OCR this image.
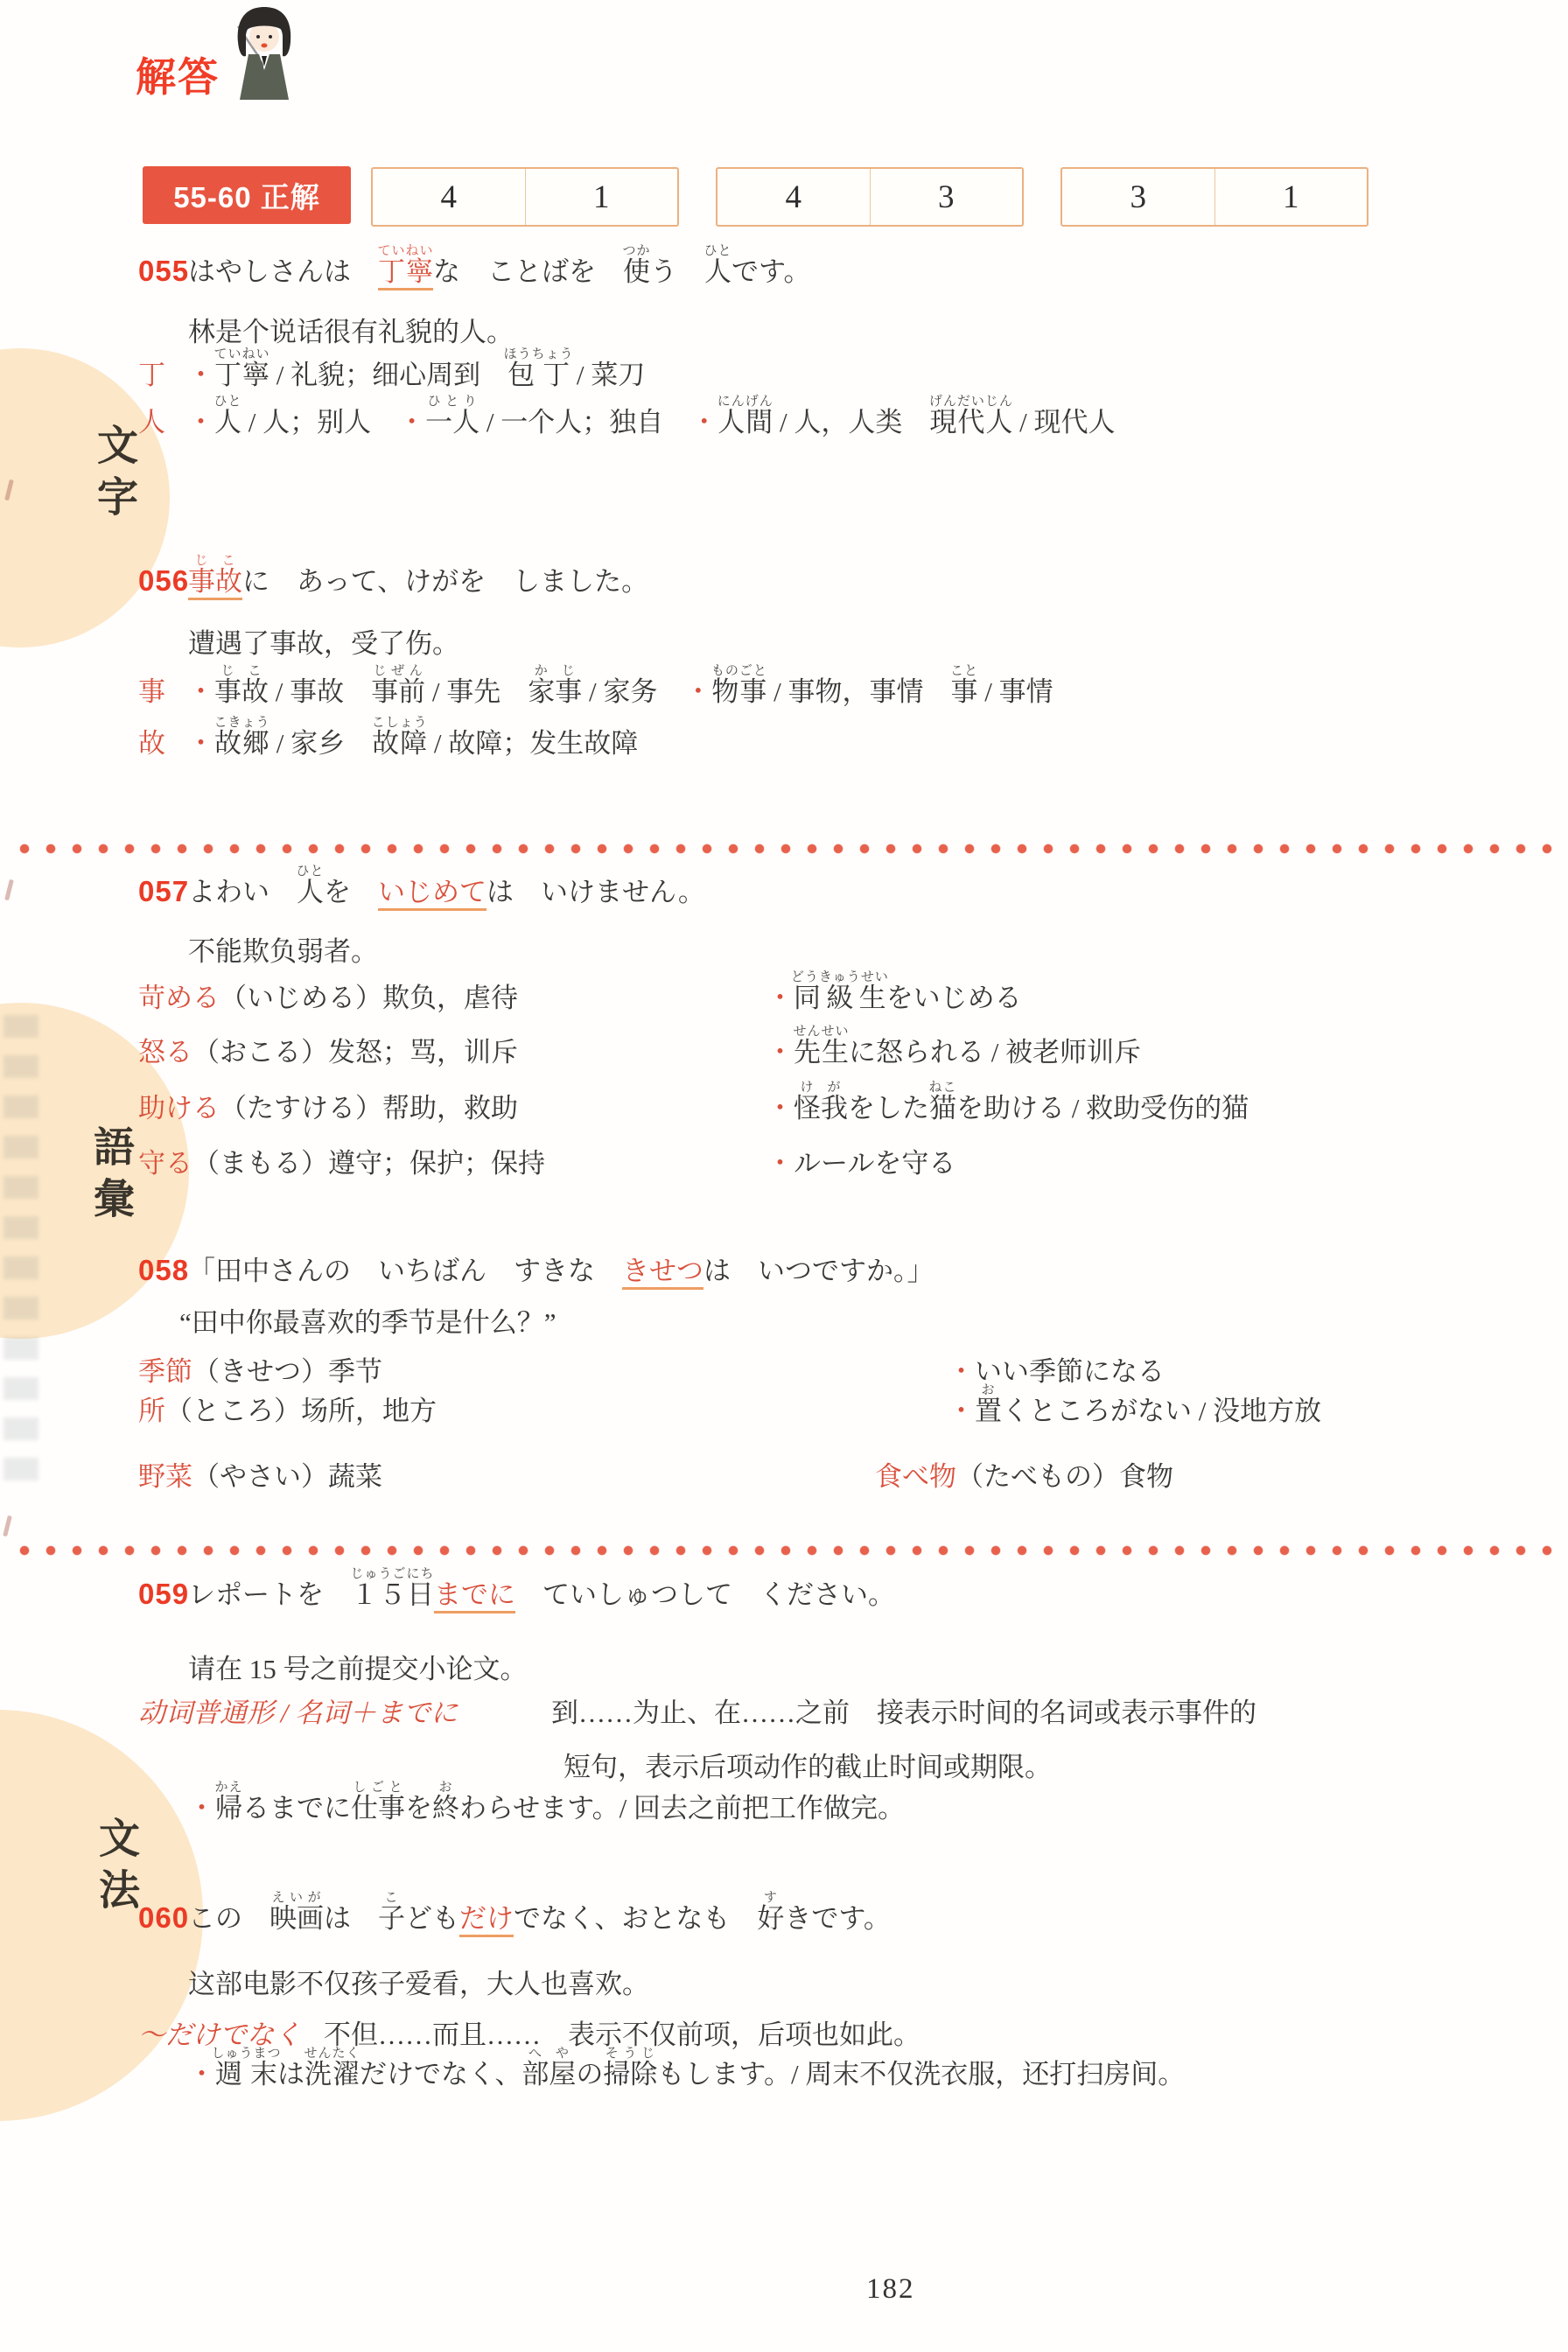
文字
語彙
文法
解答
55-60 正解	4	1	4	3	3	1
055
はやしさんは　丁寧ていねいな　ことばを　使つかう　人ひとです。
林是个说话很有礼貌的人。
丁 ・丁寧ていねい / 礼貌；细心周到　包丁ほうちょう / 菜刀
人 ・人ひと / 人；别人　・一人ひとり / 一个人；独自　・人間にんげん / 人，人类　現代人げんだいじん / 现代人
056
事故じこに　あって、けがを　しました。
遭遇了事故，受了伤。
事 ・事故じこ / 事故　事前じぜん / 事先　家事かじ / 家务　・物事ものごと / 事物，事情　事こと / 事情
故 ・故郷こきょう / 家乡　故障こしょう / 故障；发生故障
057
よわい　人ひとを　いじめては　いけません。
不能欺负弱者。
苛める（いじめる）欺负，虐待	・同級生どうきゅうせいをいじめる
怒る（おこる）发怒；骂，训斥	・先生せんせいに怒られる / 被老师训斥
助ける（たすける）帮助，救助	・怪我けがをした猫ねこを助ける / 救助受伤的猫
守る（まもる）遵守；保护；保持	・ルールを守る
058
「田中さんの　いちばん　すきな　きせつは　いつですか。」
“田中你最喜欢的季节是什么？”
季節（きせつ）季节	・いい季節になる
所（ところ）场所，地方	・置おくところがない / 没地方放
野菜（やさい）蔬菜	食べ物（たべもの）食物
059
レポートを　１５じゅうご日にちまでに　ていしゅつして　ください。
请在 15 号之前提交小论文。
动词普通形 / 名词＋までに	到……为止、在……之前　接表示时间的名词或表示事件的
短句，表示后项动作的截止时间或期限。
・帰かえるまでに仕事しごとを終おわらせます。/ 回去之前把工作做完。
060
この　映画えいがは　子こどもだけでなく、おとなも　好すきです。
这部电影不仅孩子爱看，大人也喜欢。
～だけでなく 不但……而且……　表示不仅前项，后项也如此。
・週末しゅうまつは洗濯せんたくだけでなく、部屋へやの掃除そうじもします。/ 周末不仅洗衣服，还打扫房间。
182
